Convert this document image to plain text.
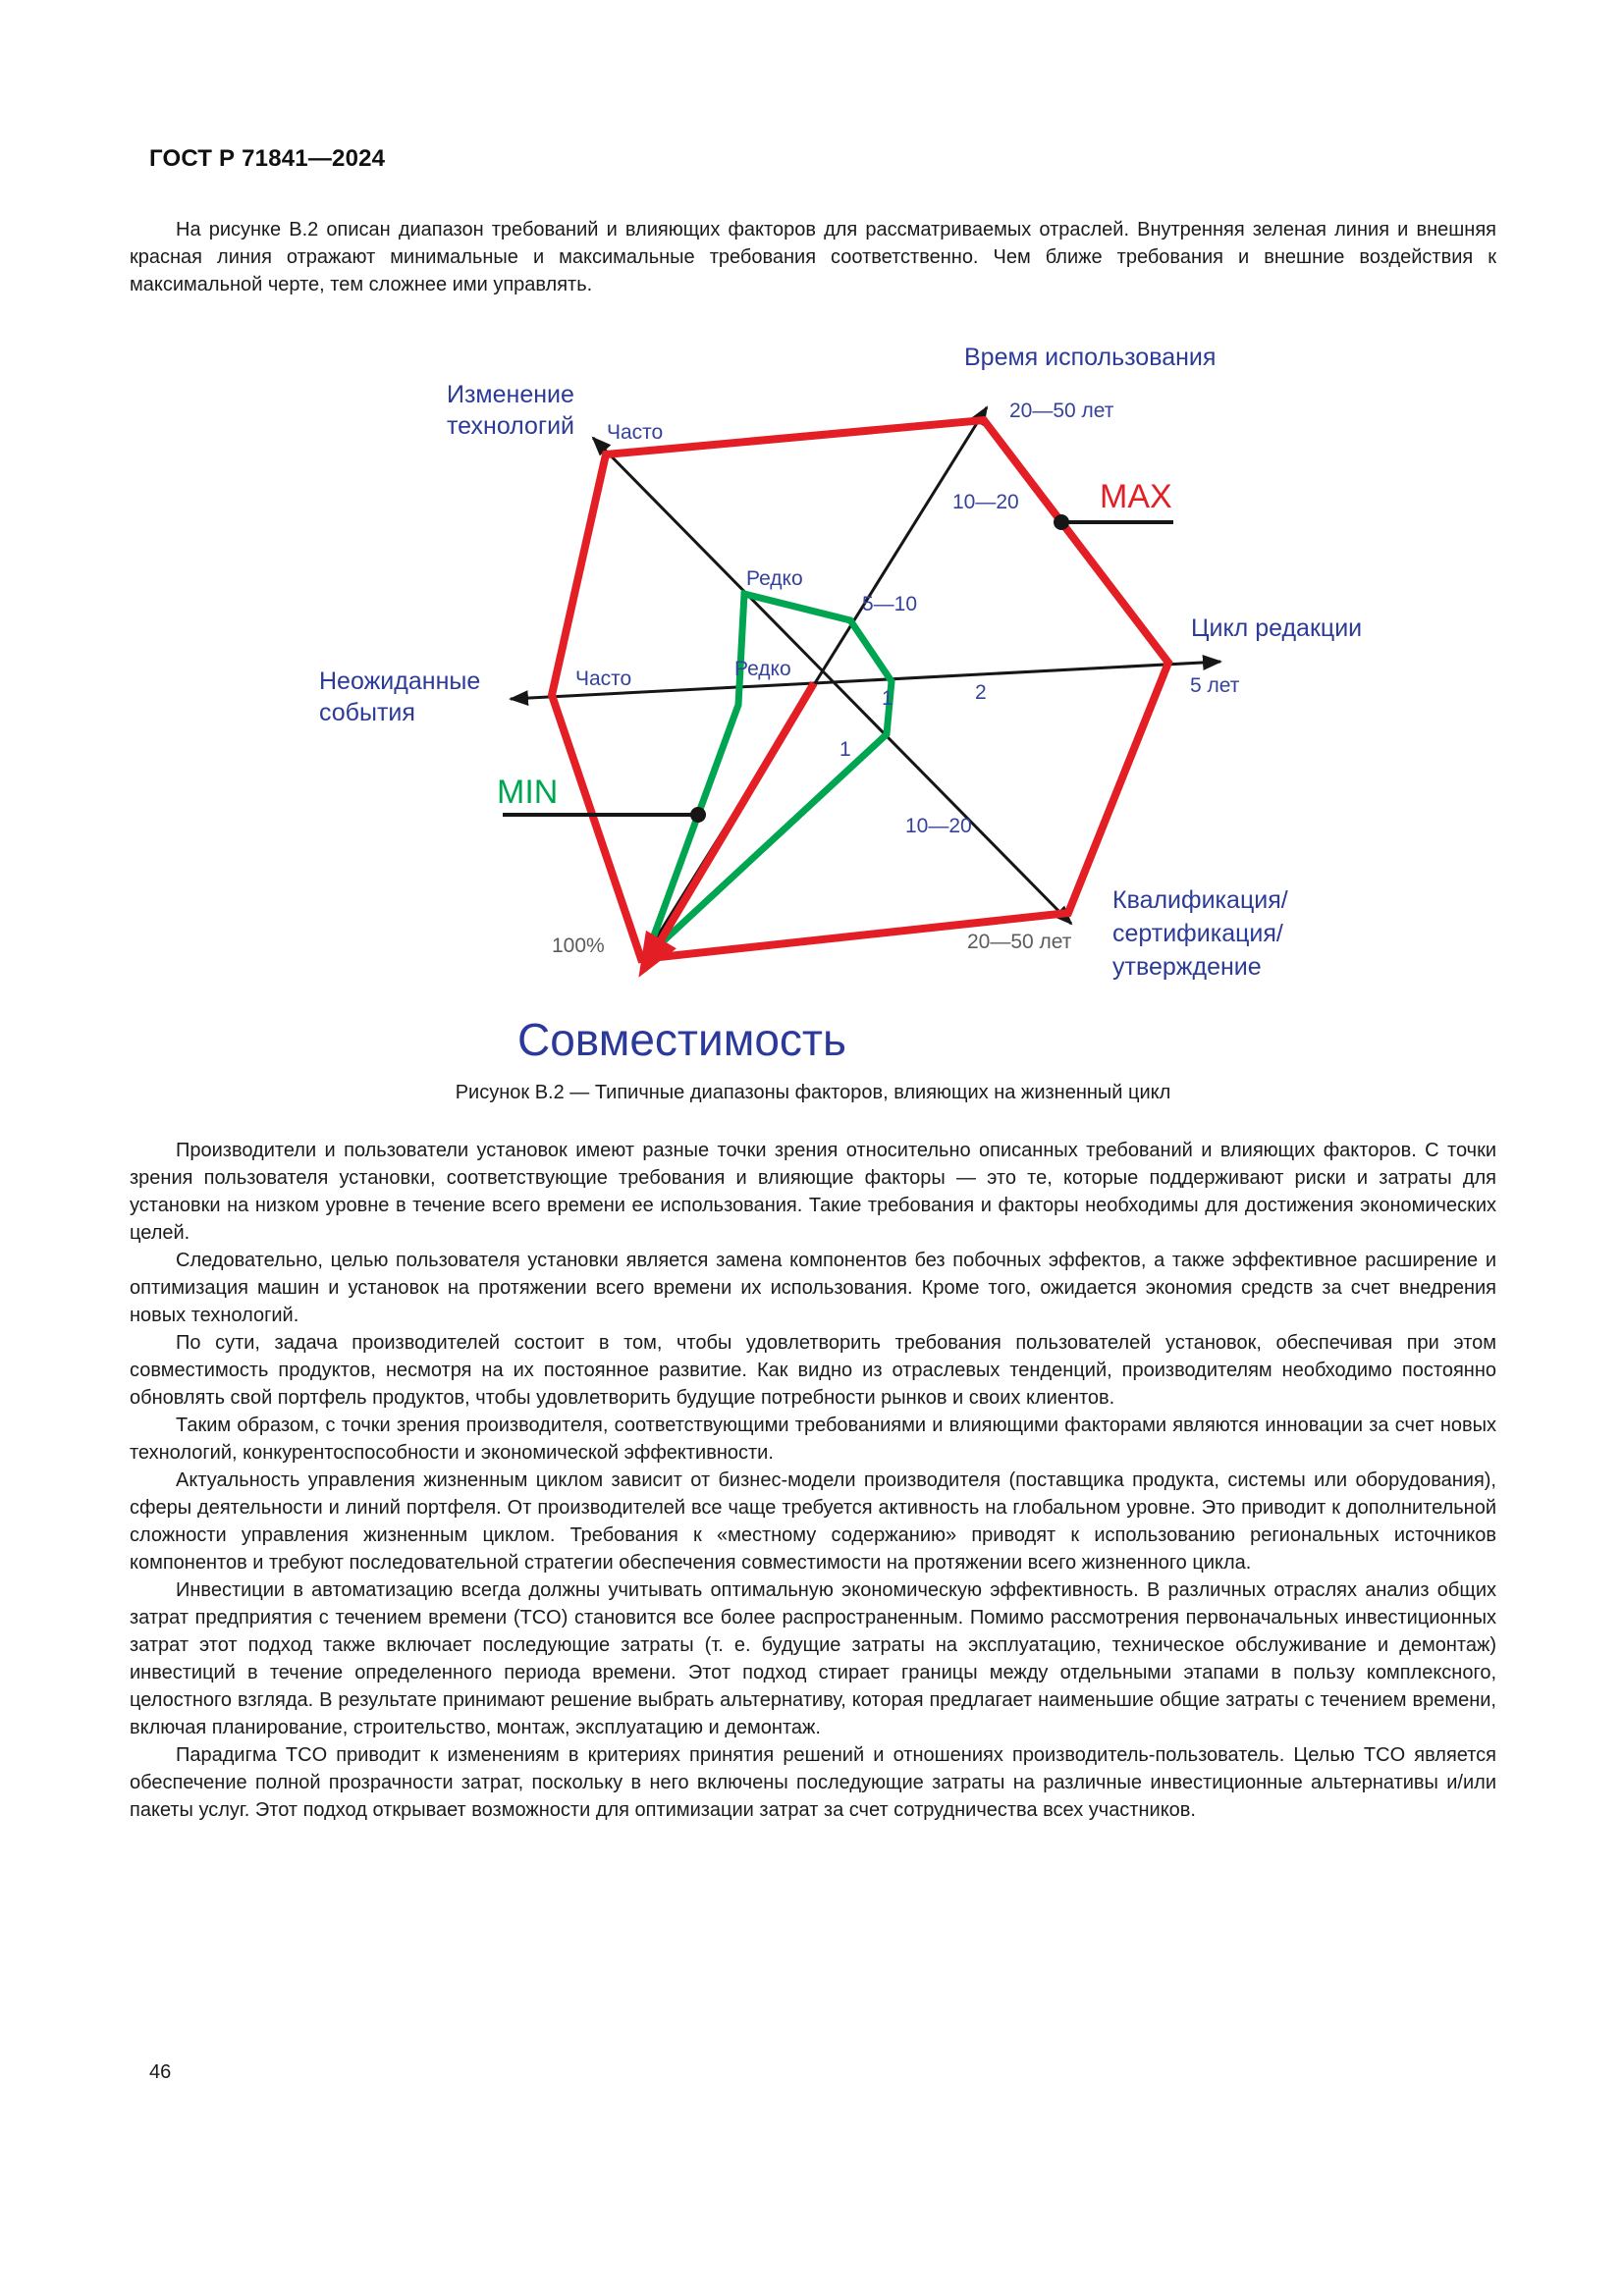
ГОСТ Р 71841—2024

На рисунке В.2 описан диапазон требований и влияющих факторов для рассматриваемых отраслей. Внутренняя зеленая линия и внешняя красная линия отражают минимальные и максимальные требования соответственно. Чем ближе требования и внешние воздействия к максимальной черте, тем сложнее ими управлять.

Время использования
Изменение
технологий
Цикл редакции
Неожиданные
события
Квалификация/
сертификация/
утверждение
Совместимость
MAX
MIN
Часто
20—50 лет
10—20
Редко
5—10
Часто	Редко
1	2	5 лет
1
10—20
100%	20—50 лет
Рисунок В.2 — Типичные диапазоны факторов, влияющих на жизненный цикл

Производители и пользователи установок имеют разные точки зрения относительно описанных требований и влияющих факторов. С точки зрения пользователя установки, соответствующие требования и влияющие факторы — это те, которые поддерживают риски и затраты для установки на низком уровне в течение всего времени ее использования. Такие требования и факторы необходимы для достижения экономических целей.

Следовательно, целью пользователя установки является замена компонентов без побочных эффектов, а также эффективное расширение и оптимизация машин и установок на протяжении всего времени их использования. Кроме того, ожидается экономия средств за счет внедрения новых технологий.

По сути, задача производителей состоит в том, чтобы удовлетворить требования пользователей установок, обеспечивая при этом совместимость продуктов, несмотря на их постоянное развитие. Как видно из отраслевых тенденций, производителям необходимо постоянно обновлять свой портфель продуктов, чтобы удовлетворить будущие потребности рынков и своих клиентов.

Таким образом, с точки зрения производителя, соответствующими требованиями и влияющими факторами являются инновации за счет новых технологий, конкурентоспособности и экономической эффективности.

Актуальность управления жизненным циклом зависит от бизнес-модели производителя (поставщика продукта, системы или оборудования), сферы деятельности и линий портфеля. От производителей все чаще требуется активность на глобальном уровне. Это приводит к дополнительной сложности управления жизненным циклом. Требования к «местному содержанию» приводят к использованию региональных источников компонентов и требуют последовательной стратегии обеспечения совместимости на протяжении всего жизненного цикла.

Инвестиции в автоматизацию всегда должны учитывать оптимальную экономическую эффективность. В различных отраслях анализ общих затрат предприятия с течением времени (TCO) становится все более распространенным. Помимо рассмотрения первоначальных инвестиционных затрат этот подход также включает последующие затраты (т. е. будущие затраты на эксплуатацию, техническое обслуживание и демонтаж) инвестиций в течение определенного периода времени. Этот подход стирает границы между отдельными этапами в пользу комплексного, целостного взгляда. В результате принимают решение выбрать альтернативу, которая предлагает наименьшие общие затраты с течением времени, включая планирование, строительство, монтаж, эксплуатацию и демонтаж.

Парадигма TCO приводит к изменениям в критериях принятия решений и отношениях производитель-пользователь. Целью TCO является обеспечение полной прозрачности затрат, поскольку в него включены последующие затраты на различные инвестиционные альтернативы и/или пакеты услуг. Этот подход открывает возможности для оптимизации затрат за счет сотрудничества всех участников.

46
